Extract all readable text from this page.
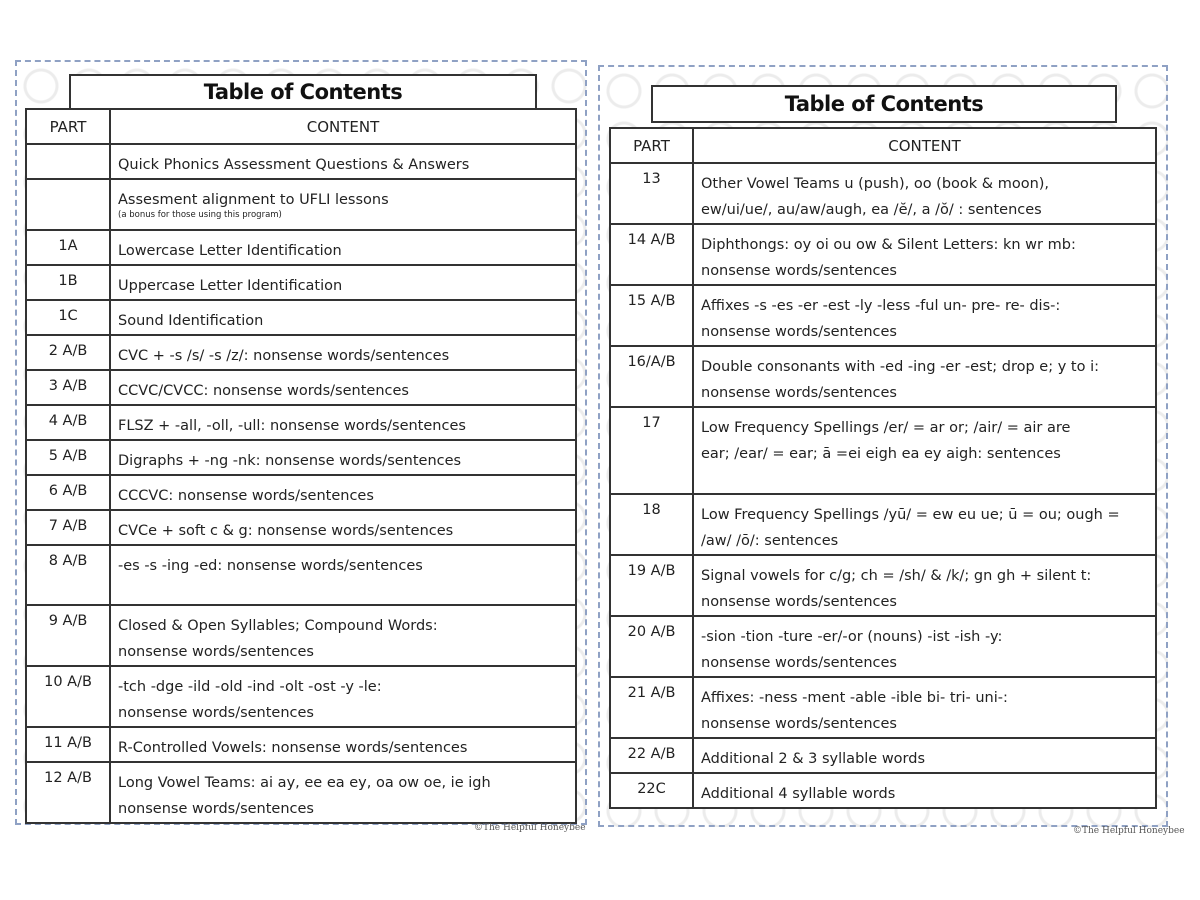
Table of Contents
PART	CONTENT

	Quick Phonics Assessment Questions & Answers

	Assesment alignment to UFLI lessons
(a bonus for those using this program)

1A	Lowercase Letter Identification

1B	Uppercase Letter Identification

1C	Sound Identification

2 A/B	CVC + -s /s/ -s /z/: nonsense words/sentences

3 A/B	CCVC/CVCC: nonsense words/sentences

4 A/B	FLSZ + -all, -oll, -ull: nonsense words/sentences

5 A/B	Digraphs + -ng -nk: nonsense words/sentences

6 A/B	CCCVC: nonsense words/sentences

7 A/B	CVCe + soft c & g: nonsense words/sentences

8 A/B	-es -s -ing -ed: nonsense words/sentences

9 A/B	Closed & Open Syllables; Compound Words:
nonsense words/sentences

10 A/B	-tch -dge -ild -old -ind -olt -ost -y -le:
nonsense words/sentences

11 A/B	R-Controlled Vowels: nonsense words/sentences

12 A/B	Long Vowel Teams: ai ay, ee ea ey, oa ow oe, ie igh
nonsense words/sentences
Table of Contents
PART	CONTENT
13	Other Vowel Teams u (push), oo (book & moon),
ew/ui/ue/, au/aw/augh, ea /ĕ/, a /ŏ/ : sentences

14 A/B	Diphthongs: oy oi ou ow & Silent Letters: kn wr mb:
nonsense words/sentences

15 A/B	Affixes -s -es -er -est -ly -less -ful un- pre- re- dis-:
nonsense words/sentences

16/A/B	Double consonants with -ed -ing -er -est; drop e; y to i:
nonsense words/sentences

17	Low Frequency Spellings /er/ = ar or; /air/ = air are
ear; /ear/ = ear; ā =ei eigh ea ey aigh: sentences

18	Low Frequency Spellings /yū/ = ew eu ue; ū = ou; ough =
/aw/ /ō/: sentences

19 A/B	Signal vowels for c/g; ch = /sh/ & /k/; gn gh + silent t:
nonsense words/sentences

20 A/B	-sion -tion -ture -er/-or (nouns) -ist -ish -y:
nonsense words/sentences

21 A/B	Affixes: -ness -ment -able -ible bi- tri- uni-:
nonsense words/sentences

22 A/B	Additional 2 & 3 syllable words

22C	Additional 4 syllable words
©The Helpful Honeybee	©The Helpful Honeybee
